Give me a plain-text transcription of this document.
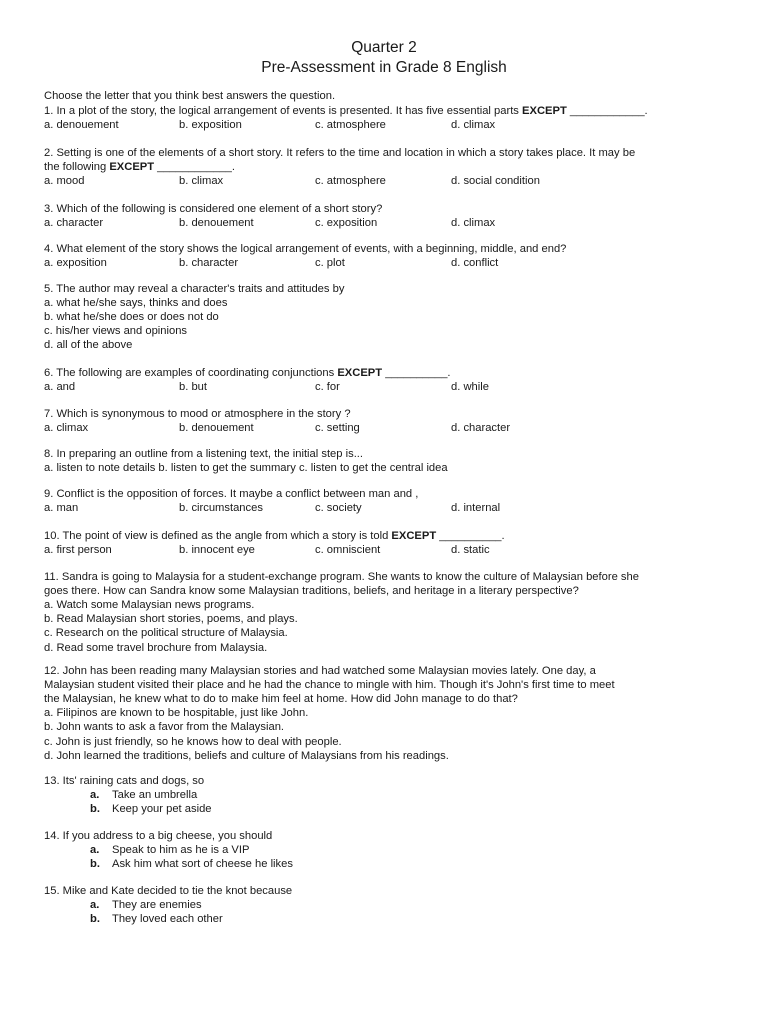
Quarter 2
Pre-Assessment in Grade 8 English
Choose the letter that you think best answers the question.
1. In a plot of the story, the logical arrangement of events is presented. It has five essential parts EXCEPT ____________.
a. denouement	b. exposition	c. atmosphere	d. climax
2. Setting is one of the elements of a short story. It refers to the time and location in which a story takes place. It may be
the following EXCEPT ____________.
a. mood	b. climax	c. atmosphere	d. social condition
3. Which of the following is considered one element of a short story?
a. character	b. denouement	c. exposition	d. climax
4. What element of the story shows the logical arrangement of events, with a beginning, middle, and end?
a. exposition	b. character	c. plot	d. conflict
5. The author may reveal a character's traits and attitudes by
a. what he/she says, thinks and does
b. what he/she does or does not do
c. his/her views and opinions
d. all of the above
6. The following are examples of coordinating conjunctions EXCEPT __________.
a. and	b. but	c. for	d. while
7. Which is synonymous to mood or atmosphere in the story ?
a. climax	b. denouement	c. setting	d. character
8. In preparing an outline from a listening text, the initial step is...
a. listen to note details b. listen to get the summary c. listen to get the central idea
9. Conflict is the opposition of forces. It maybe a conflict between man and ,
a. man	b. circumstances	c. society	d. internal
10. The point of view is defined as the angle from which a story is told EXCEPT __________.
a. first person	b. innocent eye	c. omniscient	d. static
11. Sandra is going to Malaysia for a student-exchange program. She wants to know the culture of Malaysian before she
goes there. How can Sandra know some Malaysian traditions, beliefs, and heritage in a literary perspective?
a. Watch some Malaysian news programs.
b. Read Malaysian short stories, poems, and plays.
c. Research on the political structure of Malaysia.
d. Read some travel brochure from Malaysia.
12. John has been reading many Malaysian stories and had watched some Malaysian movies lately. One day, a
Malaysian student visited their place and he had the chance to mingle with him. Though it's John's first time to meet
the Malaysian, he knew what to do to make him feel at home. How did John manage to do that?
a. Filipinos are known to be hospitable, just like John.
b. John wants to ask a favor from the Malaysian.
c. John is just friendly, so he knows how to deal with people.
d. John learned the traditions, beliefs and culture of Malaysians from his readings.
13. Its' raining cats and dogs, so
a. Take an umbrella
b. Keep your pet aside
14. If you address to a big cheese, you should
a. Speak to him as he is a VIP
b. Ask him what sort of cheese he likes
15. Mike and Kate decided to tie the knot because
a. They are enemies
b. They loved each other
